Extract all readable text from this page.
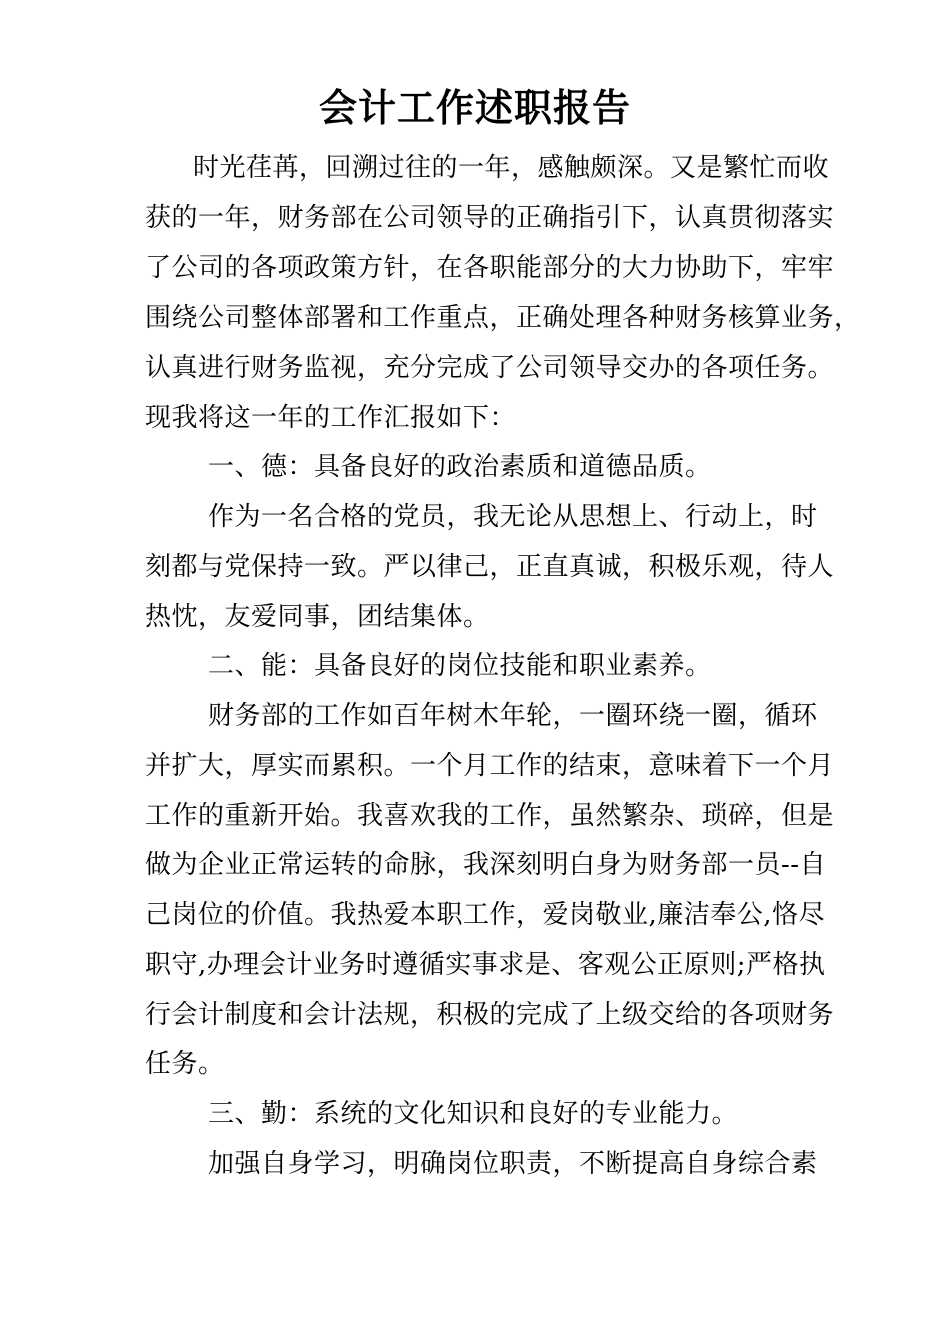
会计工作述职报告
时光荏苒，回溯过往的一年，感触颇深。又是繁忙而收
获的一年，财务部在公司领导的正确指引下，认真贯彻落实
了公司的各项政策方针，在各职能部分的大力协助下，牢牢
围绕公司整体部署和工作重点，正确处理各种财务核算业务，
认真进行财务监视，充分完成了公司领导交办的各项任务。
现我将这一年的工作汇报如下：
一、德：具备良好的政治素质和道德品质。
作为一名合格的党员，我无论从思想上、行动上，时
刻都与党保持一致。严以律己，正直真诚，积极乐观，待人
热忱，友爱同事，团结集体。
二、能：具备良好的岗位技能和职业素养。
财务部的工作如百年树木年轮，一圈环绕一圈，循环
并扩大，厚实而累积。一个月工作的结束，意味着下一个月
工作的重新开始。我喜欢我的工作，虽然繁杂、琐碎，但是
做为企业正常运转的命脉，我深刻明白身为财务部一员--自
己岗位的价值。我热爱本职工作，爱岗敬业,廉洁奉公,恪尽
职守,办理会计业务时遵循实事求是、客观公正原则;严格执
行会计制度和会计法规，积极的完成了上级交给的各项财务
任务。
三、勤：系统的文化知识和良好的专业能力。
加强自身学习，明确岗位职责，不断提高自身综合素
